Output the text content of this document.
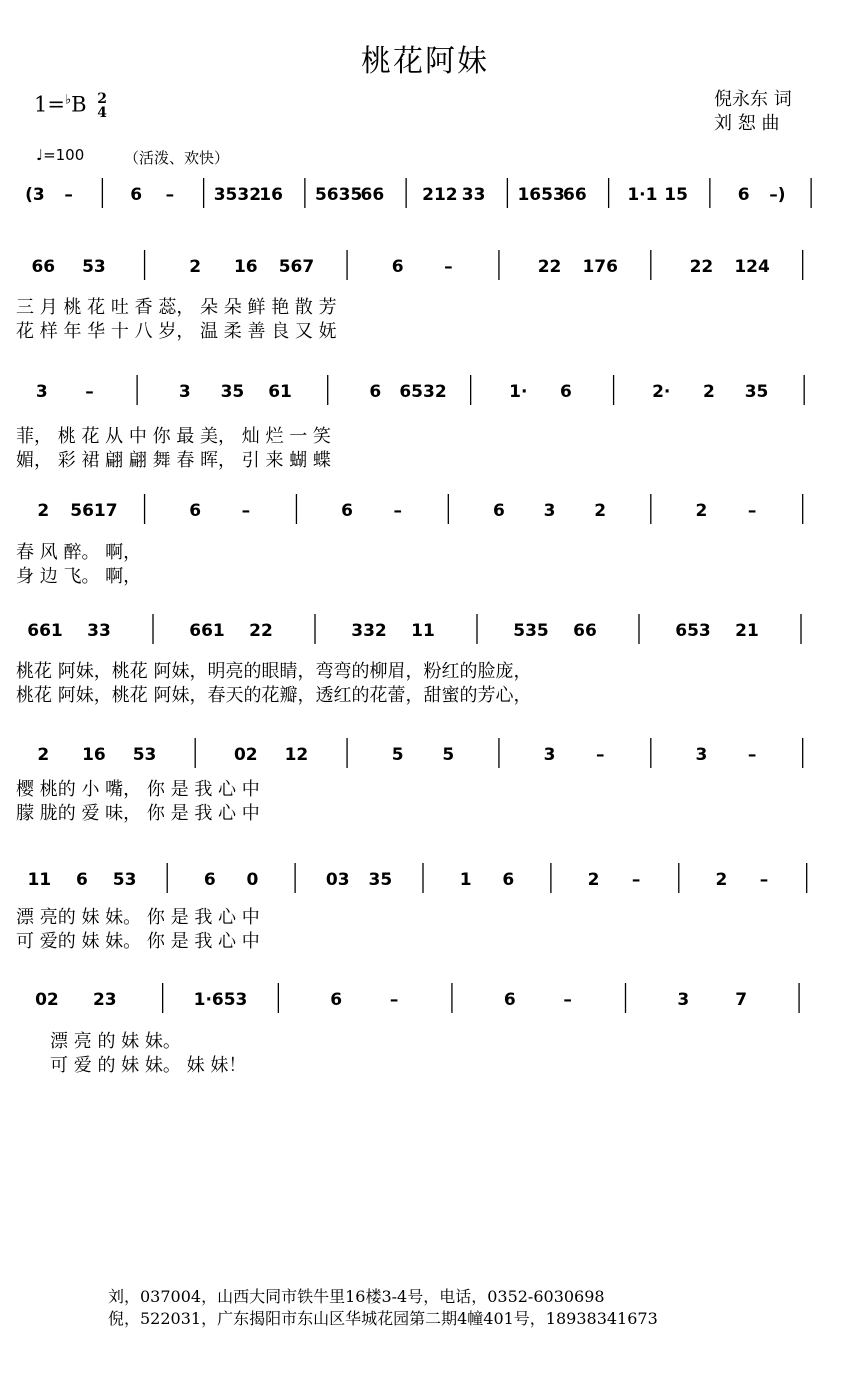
桃花阿妹
1=♭B 2
4
倪永东 词
刘 恕 曲
♩=100	（活泼、欢快）
(3 –	6 – 3532
16 5635
66 212 33 1653
66 1·1 15	6 –)
66 53	2 16 567	6 –	22 176	22 124
3 –	3 35 61	6 6532	1· 6	2· 2 35
2 5617	6 –	6 –	6 3 2	2 –
661 33	661 22	332 11	535 66	653 21
2 16 53	02 12	5 5	3 –	3 –
11 6 53	6 0	03 35	1 6	2 –	2 –
02 23	1·653	6	–	6	–	3	7
三 月 桃 花 吐 香 蕊， 朵 朵 鲜 艳 散 芳
花 样 年 华 十 八 岁， 温 柔 善 良 又 妩
菲， 桃 花 从 中 你 最 美， 灿 烂 一 笑
媚， 彩 裙 翩 翩 舞 春 晖， 引 来 蝴 蝶
春 风 醉。 啊，
身 边 飞。 啊，
桃花 阿妹，桃花 阿妹，明亮的眼睛，弯弯的柳眉，粉红的脸庞，
桃花 阿妹，桃花 阿妹，春天的花瓣，透红的花蕾，甜蜜的芳心，
樱 桃的 小 嘴， 你 是 我 心 中
朦 胧的 爱 味， 你 是 我 心 中
漂 亮的 妹 妹。 你 是 我 心 中
可 爱的 妹 妹。 你 是 我 心 中
漂 亮 的 妹 妹。
可 爱 的 妹 妹。 妹 妹！
刘，037004，山西大同市铁牛里16楼3-4号，电话，0352-6030698
倪，522031，广东揭阳市东山区华城花园第二期4幢401号，18938341673
